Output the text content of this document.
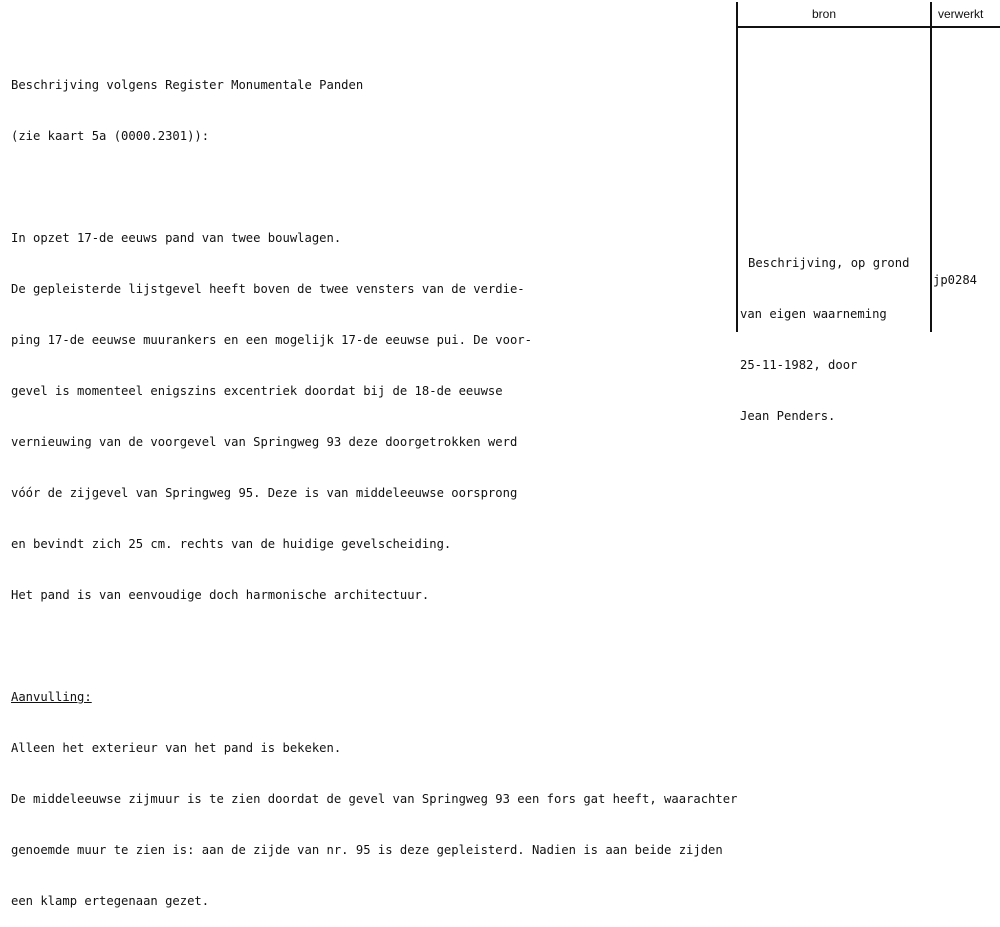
Beschrijving volgens Register Monumentale Panden

(zie kaart 5a (0000.2301)):

In opzet 17-de eeuws pand van twee bouwlagen.

De gepleisterde lijstgevel heeft boven de twee vensters van de verdie-

ping 17-de eeuwse muurankers en een mogelijk 17-de eeuwse pui. De voor-

gevel is momenteel enigszins excentriek doordat bij de 18-de eeuwse

vernieuwing van de voorgevel van Springweg 93 deze doorgetrokken werd

vóór de zijgevel van Springweg 95. Deze is van middeleeuwse oorsprong

en bevindt zich 25 cm. rechts van de huidige gevelscheiding.

Het pand is van eenvoudige doch harmonische architectuur.

Aanvulling:

Alleen het exterieur van het pand is bekeken.

De middeleeuwse zijmuur is te zien doordat de gevel van Springweg 93 een fors gat heeft, waarachter

genoemde muur te zien is: aan de zijde van nr. 95 is deze gepleisterd. Nadien is aan beide zijden

een klamp ertegenaan gezet.

bron	verwerkt

Beschrijving, op grond

van eigen waarneming

25-11-1982, door

Jean Penders.

jp0284
